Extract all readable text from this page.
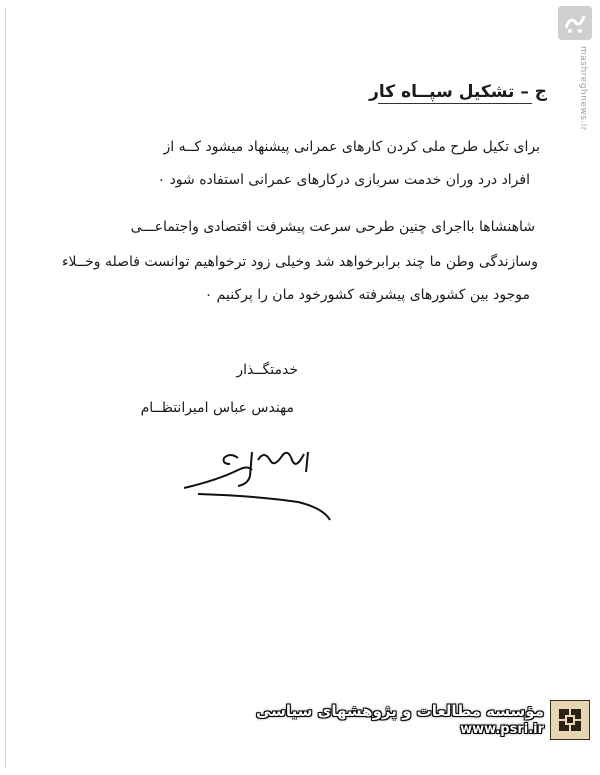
mashreghnews.ir
ج – تشکیل سپــاه کار
برای تکیل طرح ملی کردن کارهای عمرانی پیشنهاد میشود کــه از
افراد درد وران خدمت سربازی درکارهای عمرانی استفاده شود ٠
شاهنشاها بااجرای چنین طرحی سرعت پیشرفت اقتصادی واجتماعـــی
وسازندگی وطن ما چند برابرخواهد شد وخیلی زود ترخواهیم توانست فاصله وخــلاء
موجود بین کشورهای پیشرفته کشورخود مان را پرکنیم ٠
خدمتگــذار
مهندس عباس امیرانتظــام
مؤسسه مطالعات و پژوهشهای سیاسی
www.psri.ir
